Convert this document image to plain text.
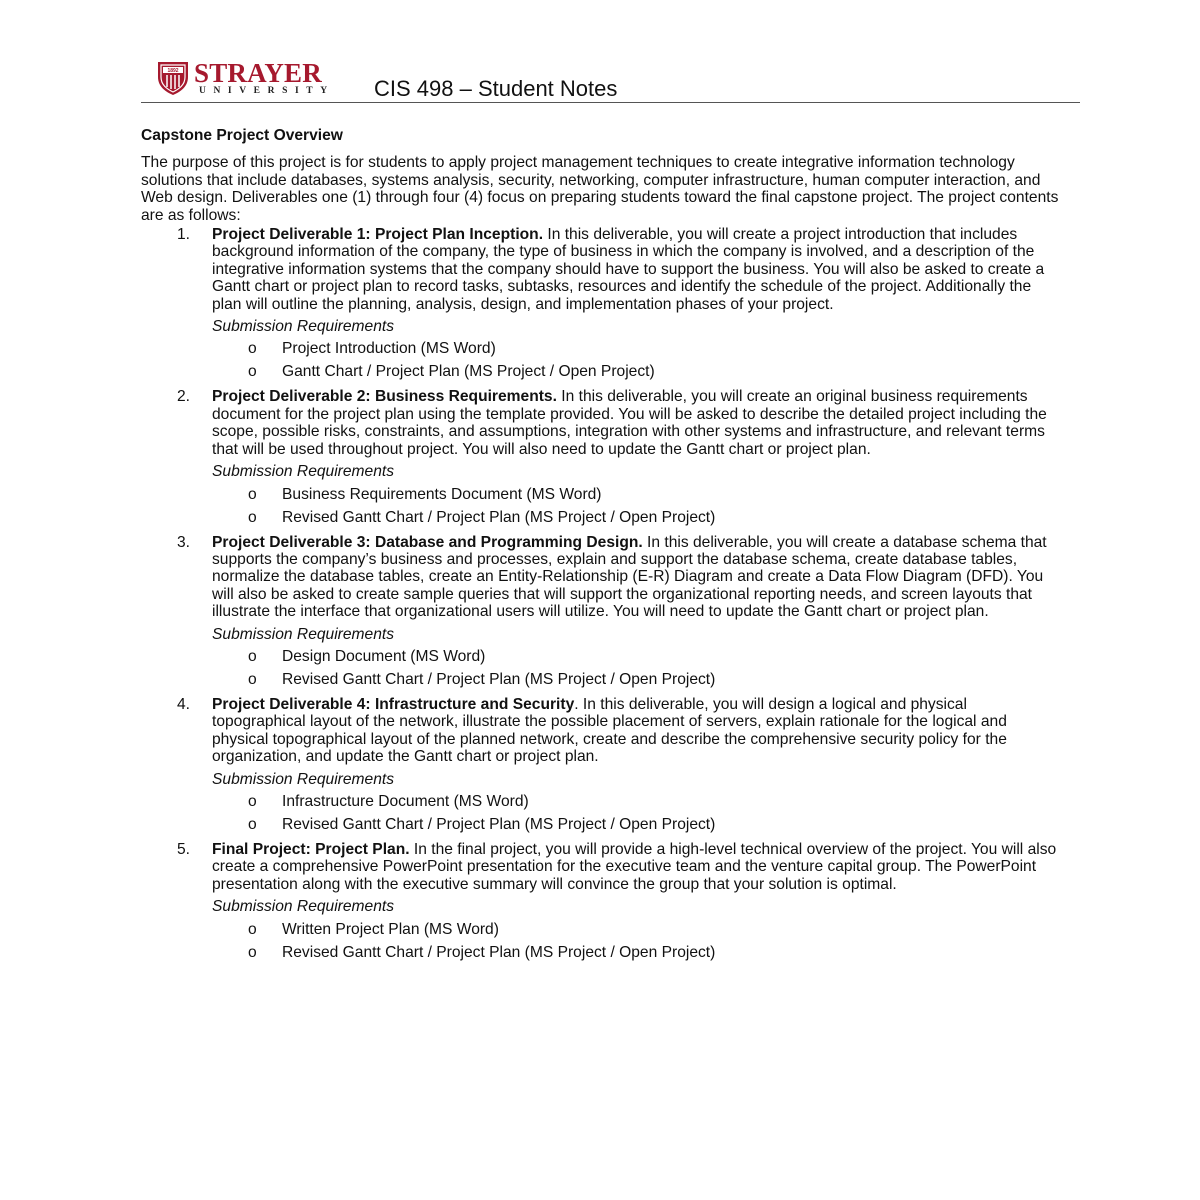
1892 STRAYER
UNIVERSITY CIS 498 – Student Notes
Capstone Project Overview

The purpose of this project is for students to apply project management techniques to create integrative information technology solutions that include databases, systems analysis, security, networking, computer infrastructure, human computer interaction, and Web design. Deliverables one (1) through four (4) focus on preparing students toward the final capstone project. The project contents are as follows:

1. Project Deliverable 1: Project Plan Inception. In this deliverable, you will create a project introduction that includes background information of the company, the type of business in which the company is involved, and a description of the integrative information systems that the company should have to support the business. You will also be asked to create a Gantt chart or project plan to record tasks, subtasks, resources and identify the schedule of the project. Additionally the plan will outline the planning, analysis, design, and implementation phases of your project.

Submission Requirements
o Project Introduction (MS Word)
o Gantt Chart / Project Plan (MS Project / Open Project)
2. Project Deliverable 2: Business Requirements. In this deliverable, you will create an original business requirements document for the project plan using the template provided. You will be asked to describe the detailed project including the scope, possible risks, constraints, and assumptions, integration with other systems and infrastructure, and relevant terms that will be used throughout project. You will also need to update the Gantt chart or project plan.

Submission Requirements
o Business Requirements Document (MS Word)
o Revised Gantt Chart / Project Plan (MS Project / Open Project)
3. Project Deliverable 3: Database and Programming Design. In this deliverable, you will create a database schema that supports the company’s business and processes, explain and support the database schema, create database tables, normalize the database tables, create an Entity-Relationship (E-R) Diagram and create a Data Flow Diagram (DFD). You will also be asked to create sample queries that will support the organizational reporting needs, and screen layouts that illustrate the interface that organizational users will utilize. You will need to update the Gantt chart or project plan.

Submission Requirements
o Design Document (MS Word)
o Revised Gantt Chart / Project Plan (MS Project / Open Project)
4. Project Deliverable 4: Infrastructure and Security. In this deliverable, you will design a logical and physical topographical layout of the network, illustrate the possible placement of servers, explain rationale for the logical and physical topographical layout of the planned network, create and describe the comprehensive security policy for the organization, and update the Gantt chart or project plan.

Submission Requirements
o Infrastructure Document (MS Word)
o Revised Gantt Chart / Project Plan (MS Project / Open Project)
5. Final Project: Project Plan. In the final project, you will provide a high-level technical overview of the project. You will also create a comprehensive PowerPoint presentation for the executive team and the venture capital group. The PowerPoint presentation along with the executive summary will convince the group that your solution is optimal.

Submission Requirements
o Written Project Plan (MS Word)
o Revised Gantt Chart / Project Plan (MS Project / Open Project)
